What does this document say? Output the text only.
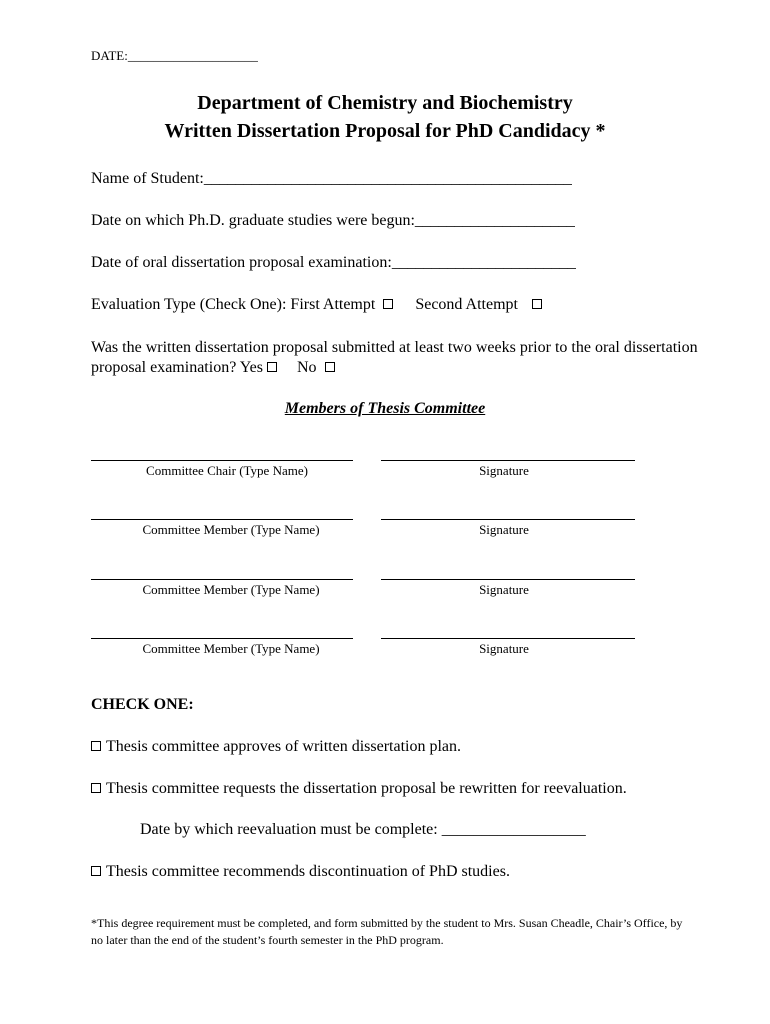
DATE:____________________
Department of Chemistry and Biochemistry
Written Dissertation Proposal for PhD Candidacy *
Name of Student:______________________________________________
Date on which Ph.D. graduate studies were begun:____________________
Date of oral dissertation proposal examination:_______________________
Evaluation Type (Check One): First Attempt	Second Attempt
Was the written dissertation proposal submitted at least two weeks prior to the oral dissertation proposal examination? Yes No
Members of Thesis Committee
Committee Chair (Type Name)	Signature
Committee Member (Type Name)	Signature
Committee Member (Type Name)	Signature
Committee Member (Type Name)	Signature
CHECK ONE:
Thesis committee approves of written dissertation plan.
Thesis committee requests the dissertation proposal be rewritten for reevaluation.
Date by which reevaluation must be complete: __________________
Thesis committee recommends discontinuation of PhD studies.
*This degree requirement must be completed, and form submitted by the student to Mrs. Susan Cheadle, Chair’s Office, by no later than the end of the student’s fourth semester in the PhD program.
